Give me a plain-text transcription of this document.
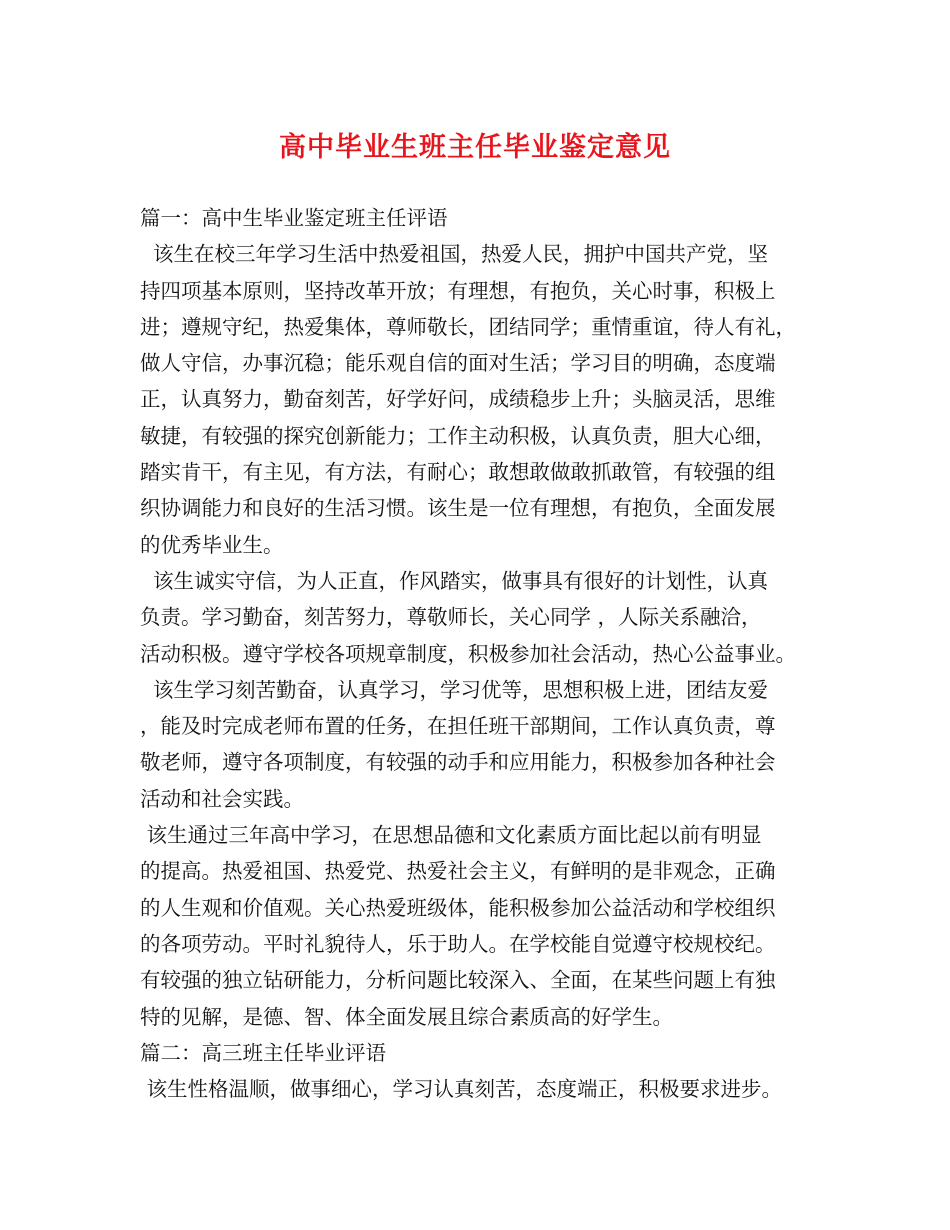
高中毕业生班主任毕业鉴定意见
篇一：高中生毕业鉴定班主任评语
该生在校三年学习生活中热爱祖国，热爱人民，拥护中国共产党，坚
持四项基本原则，坚持改革开放；有理想，有抱负，关心时事，积极上
进；遵规守纪，热爱集体，尊师敬长，团结同学；重情重谊，待人有礼，
做人守信，办事沉稳；能乐观自信的面对生活；学习目的明确，态度端
正，认真努力，勤奋刻苦，好学好问，成绩稳步上升；头脑灵活，思维
敏捷，有较强的探究创新能力；工作主动积极，认真负责，胆大心细，
踏实肯干，有主见，有方法，有耐心；敢想敢做敢抓敢管，有较强的组
织协调能力和良好的生活习惯。该生是一位有理想，有抱负，全面发展
的优秀毕业生。
该生诚实守信，为人正直，作风踏实，做事具有很好的计划性，认真
负责。学习勤奋，刻苦努力，尊敬师长，关心同学 ，人际关系融洽，
活动积极。遵守学校各项规章制度，积极参加社会活动，热心公益事业。
该生学习刻苦勤奋，认真学习，学习优等，思想积极上进，团结友爱
，能及时完成老师布置的任务，在担任班干部期间，工作认真负责，尊
敬老师，遵守各项制度，有较强的动手和应用能力，积极参加各种社会
活动和社会实践。
该生通过三年高中学习，在思想品德和文化素质方面比起以前有明显
的提高。热爱祖国、热爱党、热爱社会主义，有鲜明的是非观念，正确
的人生观和价值观。关心热爱班级体，能积极参加公益活动和学校组织
的各项劳动。平时礼貌待人，乐于助人。在学校能自觉遵守校规校纪。
有较强的独立钻研能力，分析问题比较深入、全面，在某些问题上有独
特的见解，是德、智、体全面发展且综合素质高的好学生。
篇二：高三班主任毕业评语
该生性格温顺，做事细心，学习认真刻苦，态度端正，积极要求进步。
